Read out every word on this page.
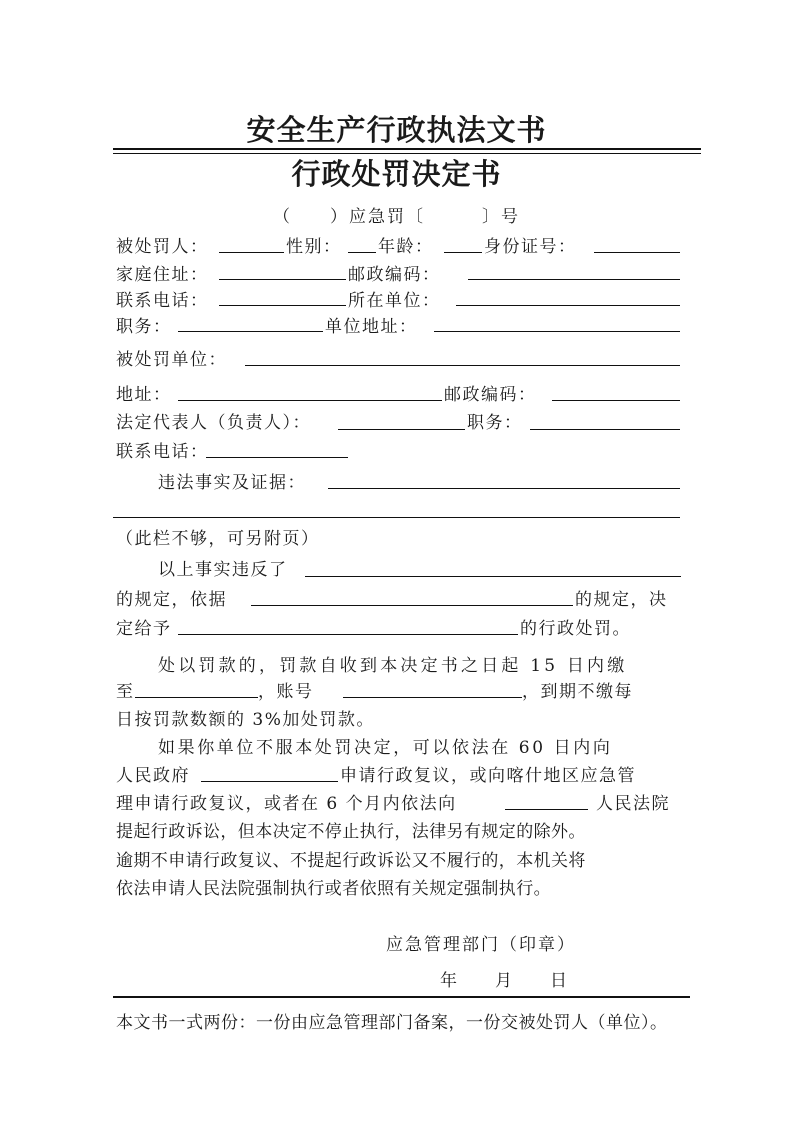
安全生产行政执法文书
行政处罚决定书
（　　）应急罚〔　　　〕号
被处罚人：	性别： 年龄：	身份证号：
家庭住址：	邮政编码：
联系电话：	所在单位：
职务：	单位地址：
被处罚单位：
地址：	邮政编码：
法定代表人（负责人）：	职务：
联系电话：
违法事实及证据：
（此栏不够，可另附页）
以上事实违反了
的规定，依据	的规定，决
定给予	的行政处罚。
处以罚款的，罚款自收到本决定书之日起 15 日内缴
至	，账号	，到期不缴每
日按罚款数额的 3%加处罚款。
如果你单位不服本处罚决定，可以依法在 60 日内向
人民政府	申请行政复议，或向喀什地区应急管
理申请行政复议，或者在 6 个月内依法向	人民法院
提起行政诉讼，但本决定不停止执行，法律另有规定的除外。
逾期不申请行政复议、不提起行政诉讼又不履行的，本机关将
依法申请人民法院强制执行或者依照有关规定强制执行。
应急管理部门（印章）
年 月 日
本文书一式两份：一份由应急管理部门备案，一份交被处罚人（单位）。
